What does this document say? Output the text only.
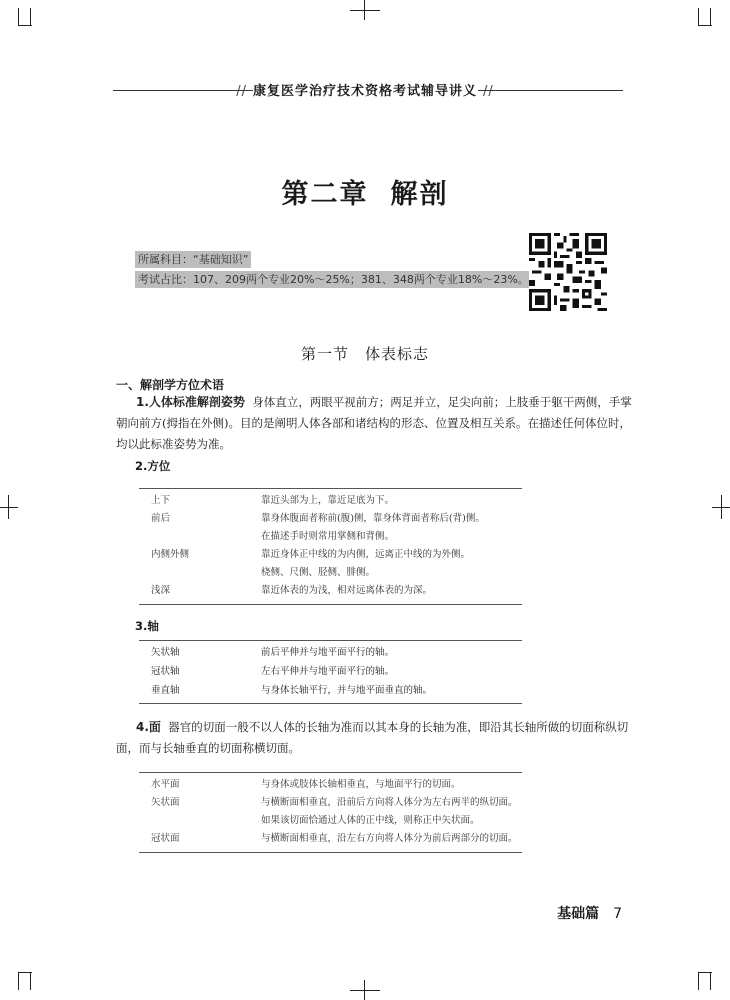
// 康复医学治疗技术资格考试辅导讲义 //
第二章 解剖
所属科目：“基础知识”
考试占比：107、209两个专业20%～25%；381、348两个专业18%～23%。
第一节 体表标志
一、解剖学方位术语
1.人体标准解剖姿势 身体直立，两眼平视前方；两足并立，足尖向前；上肢垂于躯干两侧，手掌朝向前方(拇指在外侧)。目的是阐明人体各部和诸结构的形态、位置及相互关系。在描述任何体位时，均以此标准姿势为准。
2.方位
上下	靠近头部为上，靠近足底为下。
前后	靠身体腹面者称前(腹)侧，靠身体背面者称后(背)侧。
在描述手时则常用掌侧和背侧。
内侧外侧	靠近身体正中线的为内侧，远离正中线的为外侧。
桡侧、尺侧、胫侧、腓侧。
浅深	靠近体表的为浅，相对远离体表的为深。
3.轴
矢状轴	前后平伸并与地平面平行的轴。
冠状轴	左右平伸并与地平面平行的轴。
垂直轴	与身体长轴平行，并与地平面垂直的轴。
4.面 器官的切面一般不以人体的长轴为准而以其本身的长轴为准，即沿其长轴所做的切面称纵切面，而与长轴垂直的切面称横切面。
水平面	与身体或肢体长轴相垂直，与地面平行的切面。
矢状面	与横断面相垂直，沿前后方向将人体分为左右两半的纵切面。
如果该切面恰通过人体的正中线，则称正中矢状面。
冠状面	与横断面相垂直，沿左右方向将人体分为前后两部分的切面。
基础篇 7
